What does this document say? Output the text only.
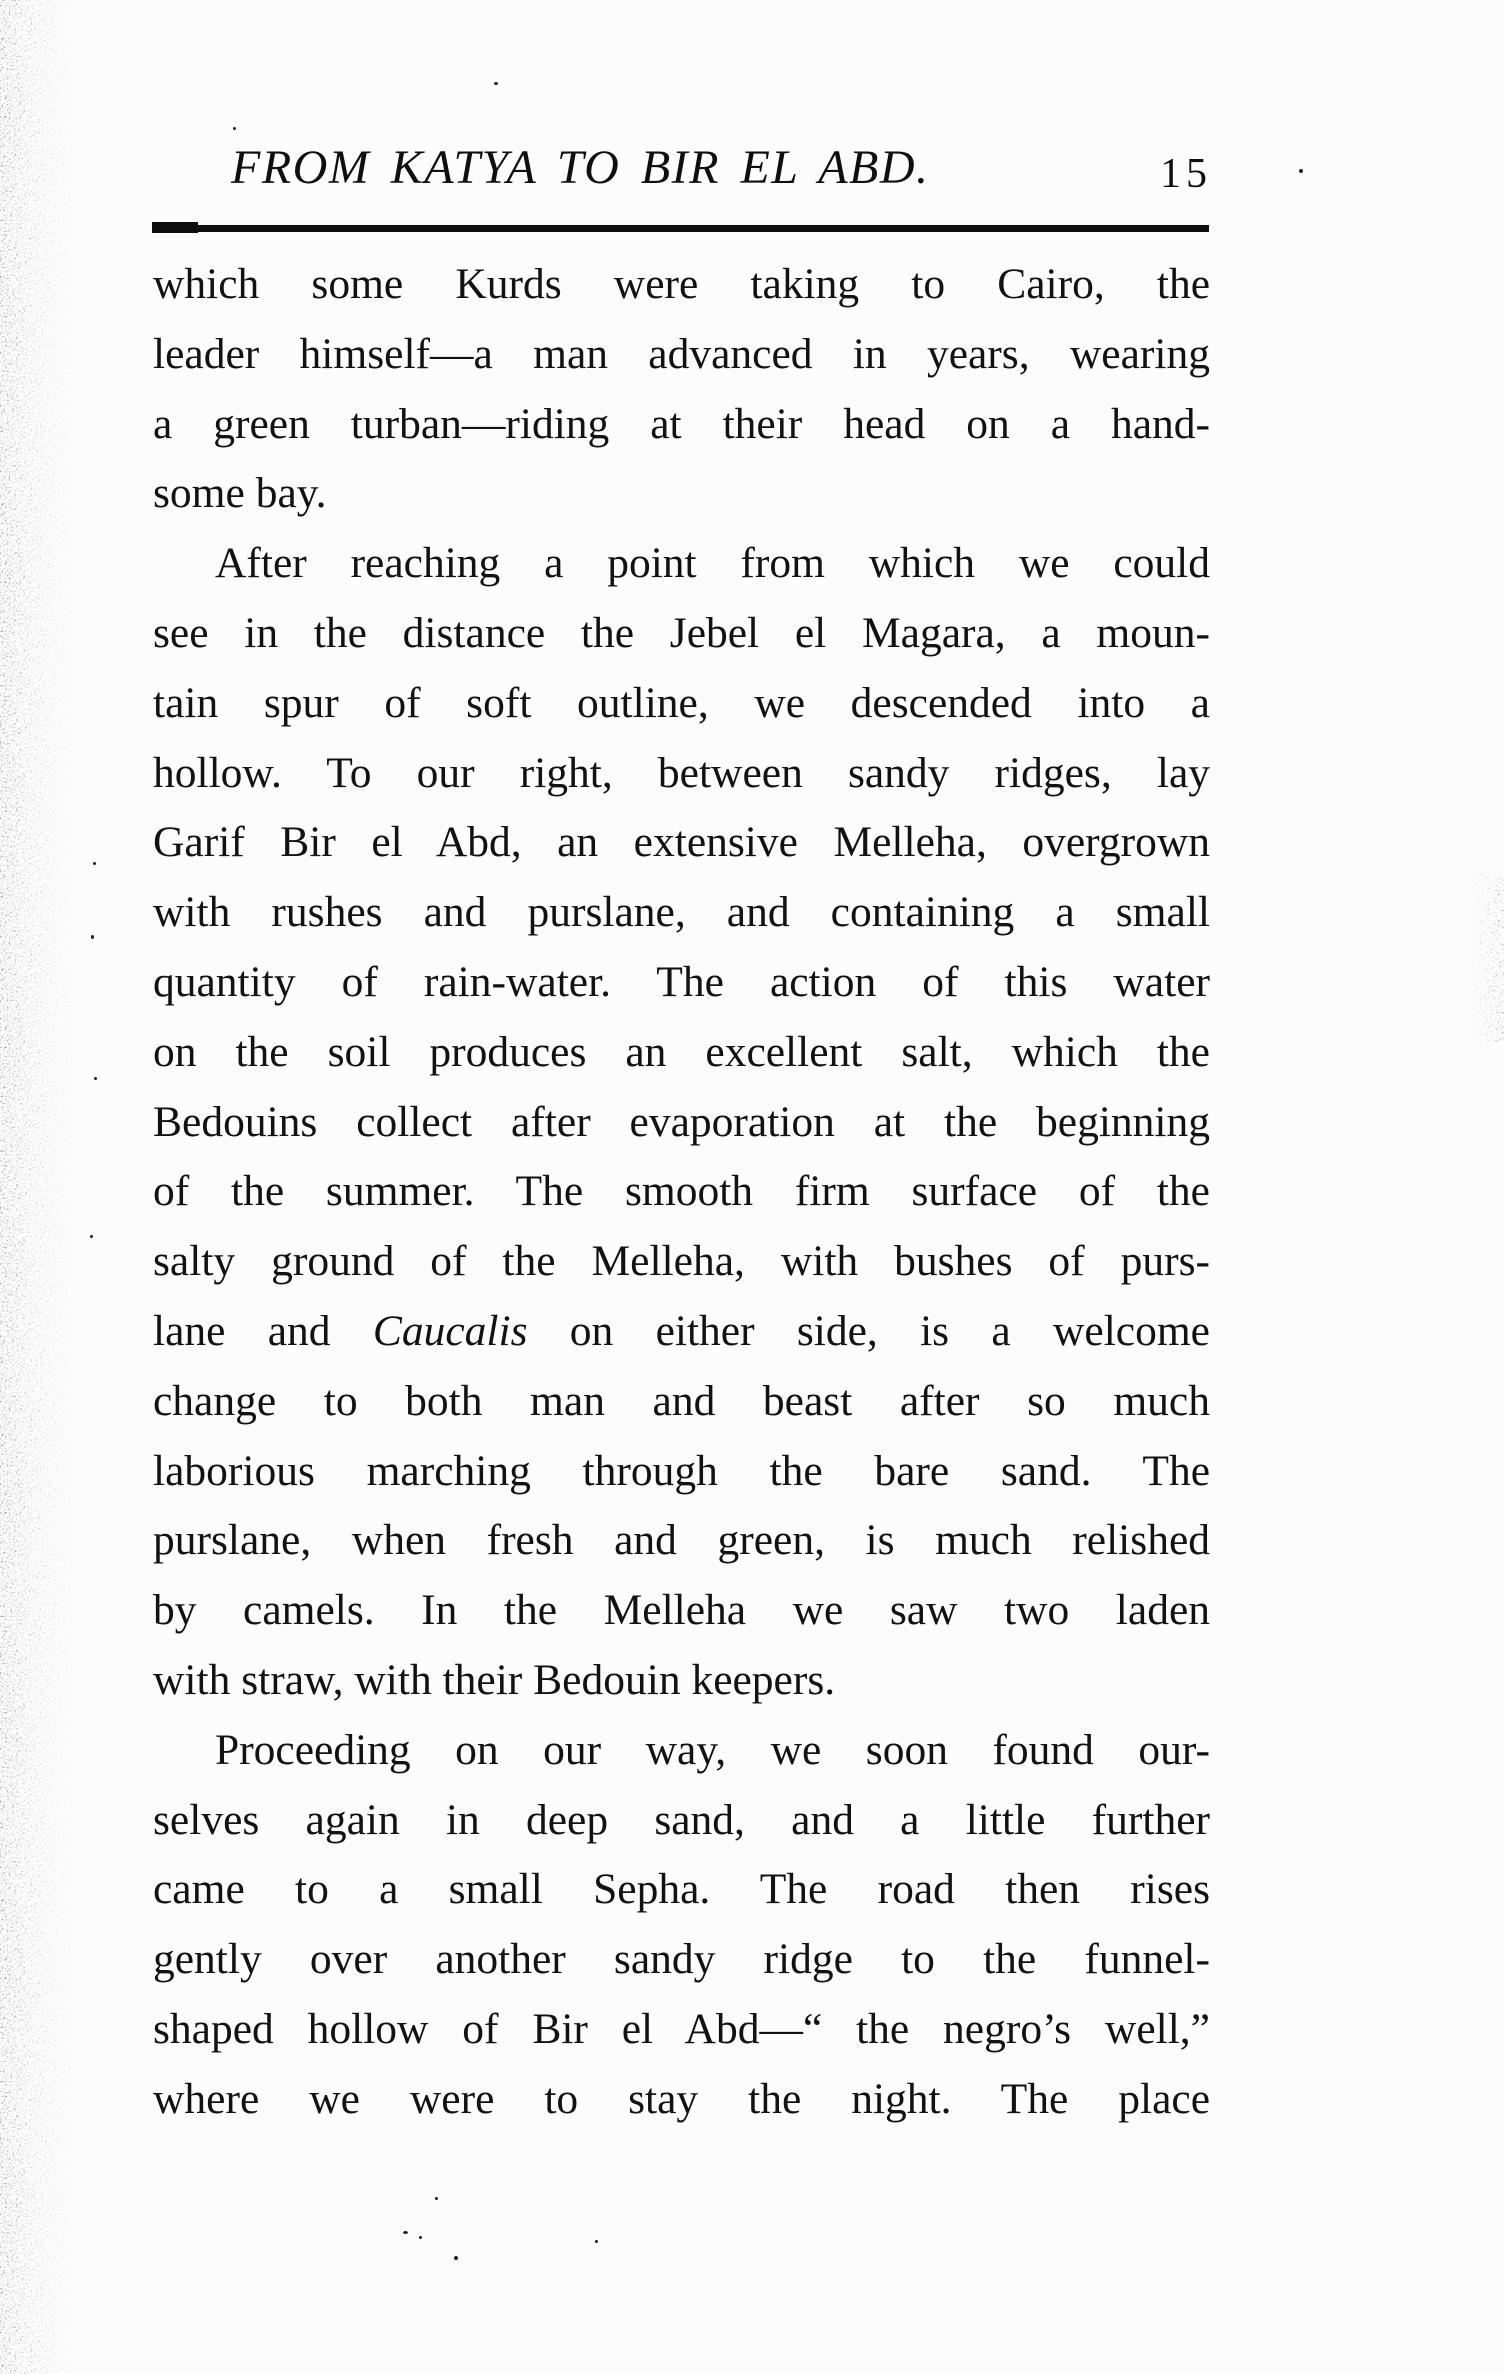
FROM KATYA TO BIR EL ABD.	15
which some Kurds were taking to Cairo, the
leader himself—a man advanced in years, wearing
a green turban—riding at their head on a hand-
some bay.
After reaching a point from which we could
see in the distance the Jebel el Magara, a moun-
tain spur of soft outline, we descended into a
hollow. To our right, between sandy ridges, lay
Garif Bir el Abd, an extensive Melleha, overgrown
with rushes and purslane, and containing a small
quantity of rain-water. The action of this water
on the soil produces an excellent salt, which the
Bedouins collect after evaporation at the beginning
of the summer. The smooth firm surface of the
salty ground of the Melleha, with bushes of purs-
lane and Caucalis on either side, is a welcome
change to both man and beast after so much
laborious marching through the bare sand. The
purslane, when fresh and green, is much relished
by camels. In the Melleha we saw two laden
with straw, with their Bedouin keepers.
Proceeding on our way, we soon found our-
selves again in deep sand, and a little further
came to a small Sepha. The road then rises
gently over another sandy ridge to the funnel-
shaped hollow of Bir el Abd—“ the negro’s well,”
where we were to stay the night. The place
